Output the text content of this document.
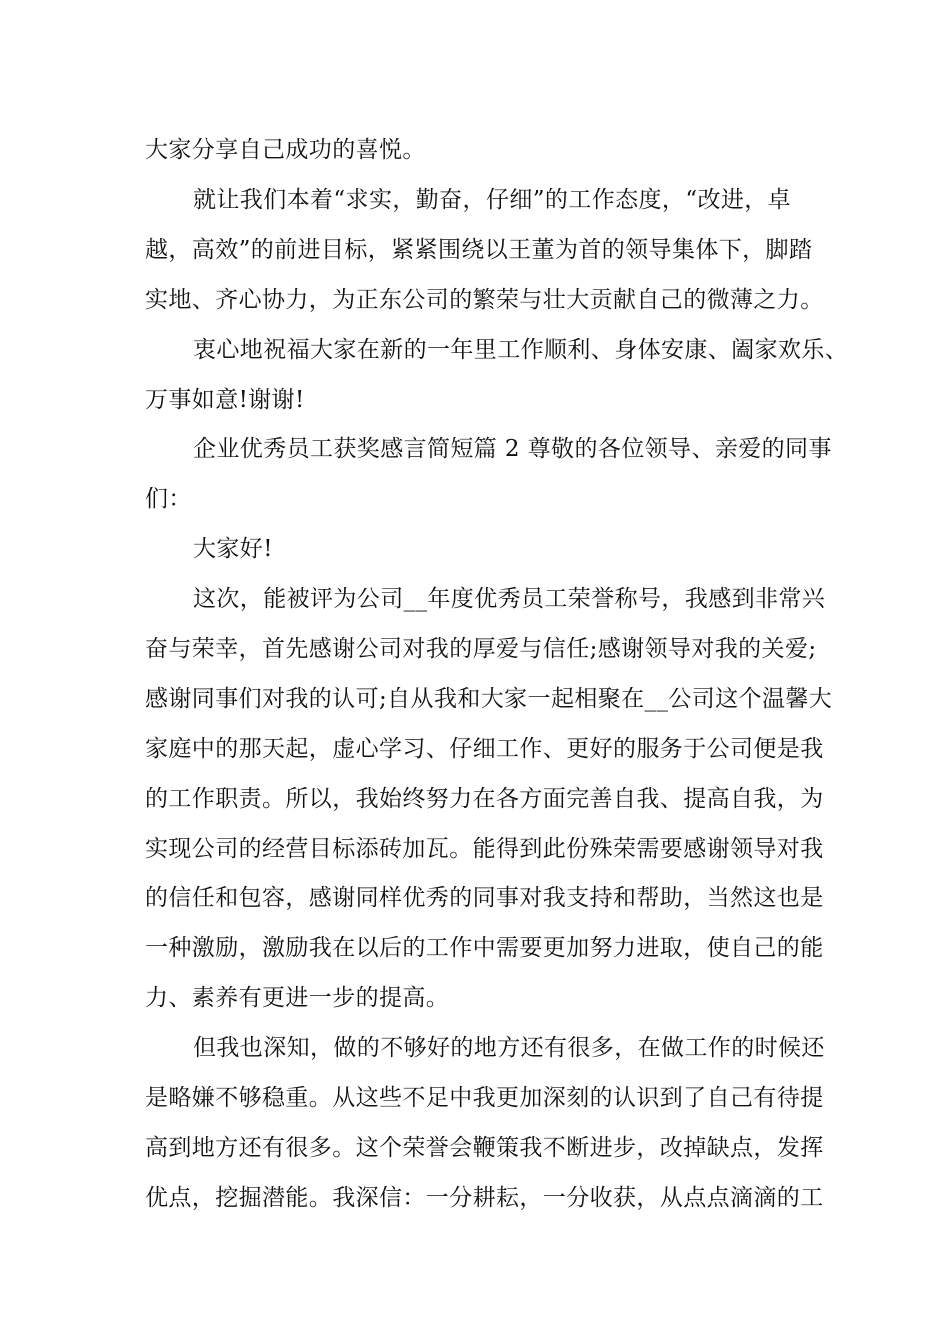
大家分享自己成功的喜悦。
就让我们本着“求实，勤奋，仔细”的工作态度，“改进，卓
越，高效”的前进目标，紧紧围绕以王董为首的领导集体下，脚踏
实地、齐心协力，为正东公司的繁荣与壮大贡献自己的微薄之力。
衷心地祝福大家在新的一年里工作顺利、身体安康、阖家欢乐、
万事如意!谢谢!
企业优秀员工获奖感言简短篇 2 尊敬的各位领导、亲爱的同事
们：
大家好!
这次，能被评为公司__年度优秀员工荣誉称号，我感到非常兴
奋与荣幸，首先感谢公司对我的厚爱与信任;感谢领导对我的关爱;
感谢同事们对我的认可;自从我和大家一起相聚在__公司这个温馨大
家庭中的那天起，虚心学习、仔细工作、更好的服务于公司便是我
的工作职责。所以，我始终努力在各方面完善自我、提高自我，为
实现公司的经营目标添砖加瓦。能得到此份殊荣需要感谢领导对我
的信任和包容，感谢同样优秀的同事对我支持和帮助，当然这也是
一种激励，激励我在以后的工作中需要更加努力进取，使自己的能
力、素养有更进一步的提高。
但我也深知，做的不够好的地方还有很多，在做工作的时候还
是略嫌不够稳重。从这些不足中我更加深刻的认识到了自己有待提
高到地方还有很多。这个荣誉会鞭策我不断进步，改掉缺点，发挥
优点，挖掘潜能。我深信：一分耕耘，一分收获，从点点滴滴的工
